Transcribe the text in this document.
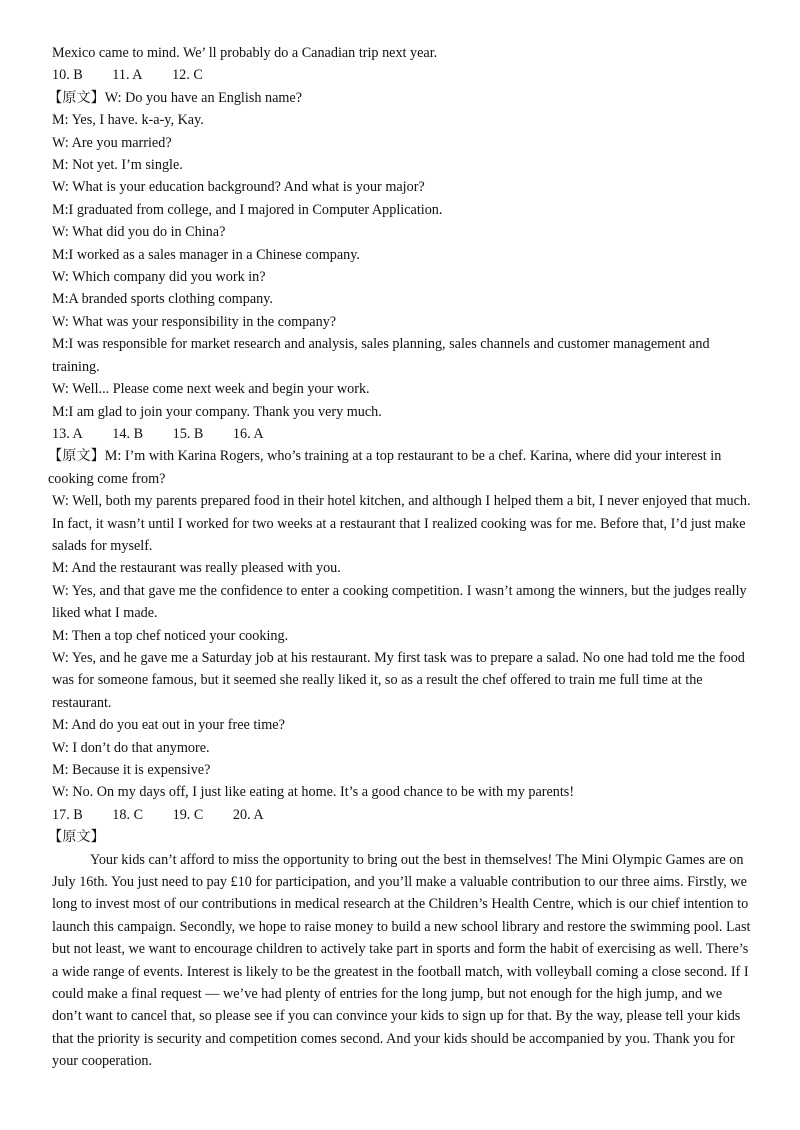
Mexico came to mind. We’ ll probably do a Canadian trip next year.
10. B 11. A 12. C
【原文】W: Do you have an English name?
M: Yes, I have. k-a-y, Kay.
W: Are you married?
M: Not yet. I’m single.
W: What is your education background? And what is your major?
M:I graduated from college, and I majored in Computer Application.
W: What did you do in China?
M:I worked as a sales manager in a Chinese company.
W: Which company did you work in?
M:A branded sports clothing company.
W: What was your responsibility in the company?
M:I was responsible for market research and analysis, sales planning, sales channels and customer management and training.
W: Well... Please come next week and begin your work.
M:I am glad to join your company. Thank you very much.
13. A 14. B 15. B 16. A
【原文】M: I’m with Karina Rogers, who’s training at a top restaurant to be a chef. Karina, where did your interest in cooking come from?
W: Well, both my parents prepared food in their hotel kitchen, and although I helped them a bit, I never enjoyed that much. In fact, it wasn’t until I worked for two weeks at a restaurant that I realized cooking was for me. Before that, I’d just make salads for myself.
M: And the restaurant was really pleased with you.
W: Yes, and that gave me the confidence to enter a cooking competition. I wasn’t among the winners, but the judges really liked what I made.
M: Then a top chef noticed your cooking.
W: Yes, and he gave me a Saturday job at his restaurant. My first task was to prepare a salad. No one had told me the food was for someone famous, but it seemed she really liked it, so as a result the chef offered to train me full time at the restaurant.
M: And do you eat out in your free time?
W: I don’t do that anymore.
M: Because it is expensive?
W: No. On my days off, I just like eating at home. It’s a good chance to be with my parents!
17. B 18. C 19. C 20. A
【原文】
Your kids can’t afford to miss the opportunity to bring out the best in themselves! The Mini Olympic Games are on July 16th. You just need to pay £10 for participation, and you’ll make a valuable contribution to our three aims. Firstly, we long to invest most of our contributions in medical research at the Children’s Health Centre, which is our chief intention to launch this campaign. Secondly, we hope to raise money to build a new school library and restore the swimming pool. Last but not least, we want to encourage children to actively take part in sports and form the habit of exercising as well. There’s a wide range of events. Interest is likely to be the greatest in the football match, with volleyball coming a close second. If I could make a final request — we’ve had plenty of entries for the long jump, but not enough for the high jump, and we don’t want to cancel that, so please see if you can convince your kids to sign up for that. By the way, please tell your kids that the priority is security and competition comes second. And your kids should be accompanied by you. Thank you for your cooperation.
